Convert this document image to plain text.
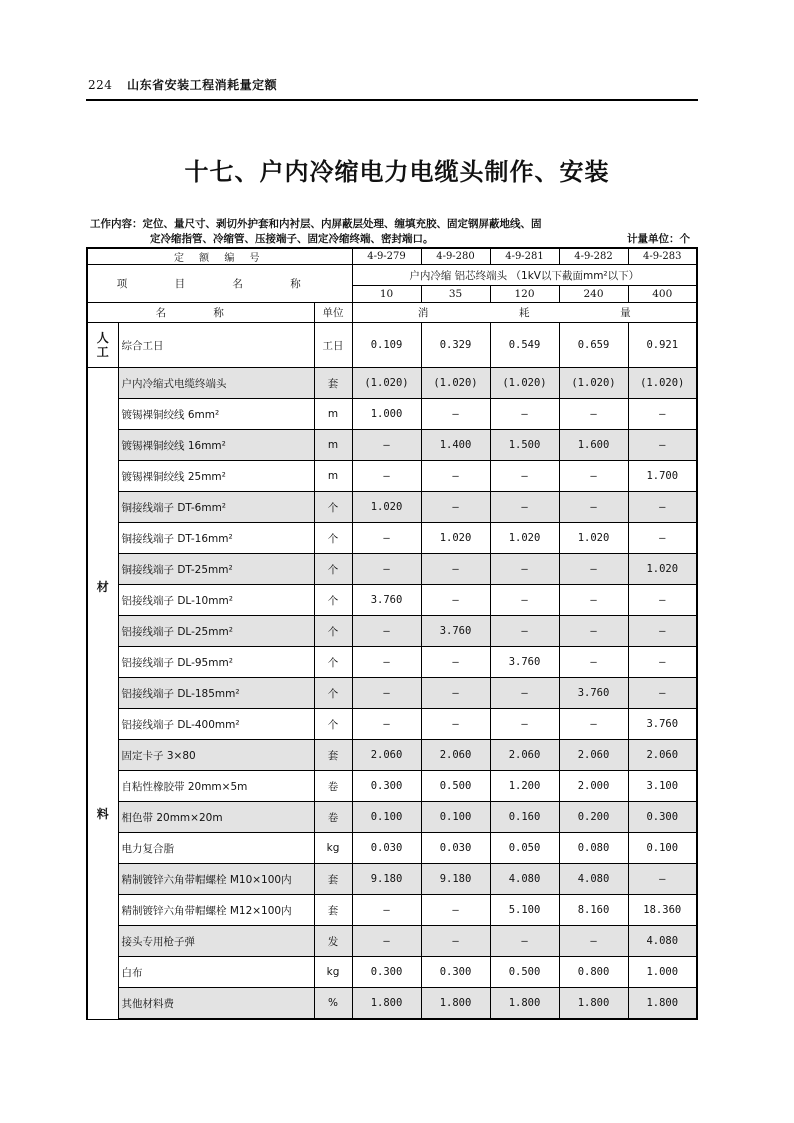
224 山东省安装工程消耗量定额
十七、户内冷缩电力电缆头制作、安装
工作内容：定位、量尺寸、剥切外护套和内衬层、内屏蔽层处理、缠填充胶、固定钢屏蔽地线、固
定冷缩指管、冷缩管、压接端子、固定冷缩终端、密封端口。	计量单位：个
定 额 编 号			4-9-279	4-9-280	4-9-281	4-9-282	4-9-283
项 目 名 称			户内冷缩 铝芯终端头 （1kV以下截面mm²以下）				
			10	35	120	240	400
名 称		单位	消 耗 量				

人
工	综合工日	工日	0.109	0.329	0.549	0.659	0.921

材
料	户内冷缩式电缆终端头	套	(1.020)	(1.020)	(1.020)	(1.020)	(1.020)
	镀锡裸铜绞线 6mm²	m	1.000	—	—	—	—
	镀锡裸铜绞线 16mm²	m	—	1.400	1.500	1.600	—
	镀锡裸铜绞线 25mm²	m	—	—	—	—	1.700
	铜接线端子 DT-6mm²	个	1.020	—	—	—	—
	铜接线端子 DT-16mm²	个	—	1.020	1.020	1.020	—
	铜接线端子 DT-25mm²	个	—	—	—	—	1.020
	铝接线端子 DL-10mm²	个	3.760	—	—	—	—
	铝接线端子 DL-25mm²	个	—	3.760	—	—	—
	铝接线端子 DL-95mm²	个	—	—	3.760	—	—
	铝接线端子 DL-185mm²	个	—	—	—	3.760	—
	铝接线端子 DL-400mm²	个	—	—	—	—	3.760
	固定卡子 3×80	套	2.060	2.060	2.060	2.060	2.060
	自粘性橡胶带 20mm×5m	卷	0.300	0.500	1.200	2.000	3.100
	相色带 20mm×20m	卷	0.100	0.100	0.160	0.200	0.300
	电力复合脂	kg	0.030	0.030	0.050	0.080	0.100
	精制镀锌六角带帽螺栓 M10×100内	套	9.180	9.180	4.080	4.080	—
	精制镀锌六角带帽螺栓 M12×100内	套	—	—	5.100	8.160	18.360
	接头专用枪子弹	发	—	—	—	—	4.080
	白布	kg	0.300	0.300	0.500	0.800	1.000
	其他材料费	%	1.800	1.800	1.800	1.800	1.800
